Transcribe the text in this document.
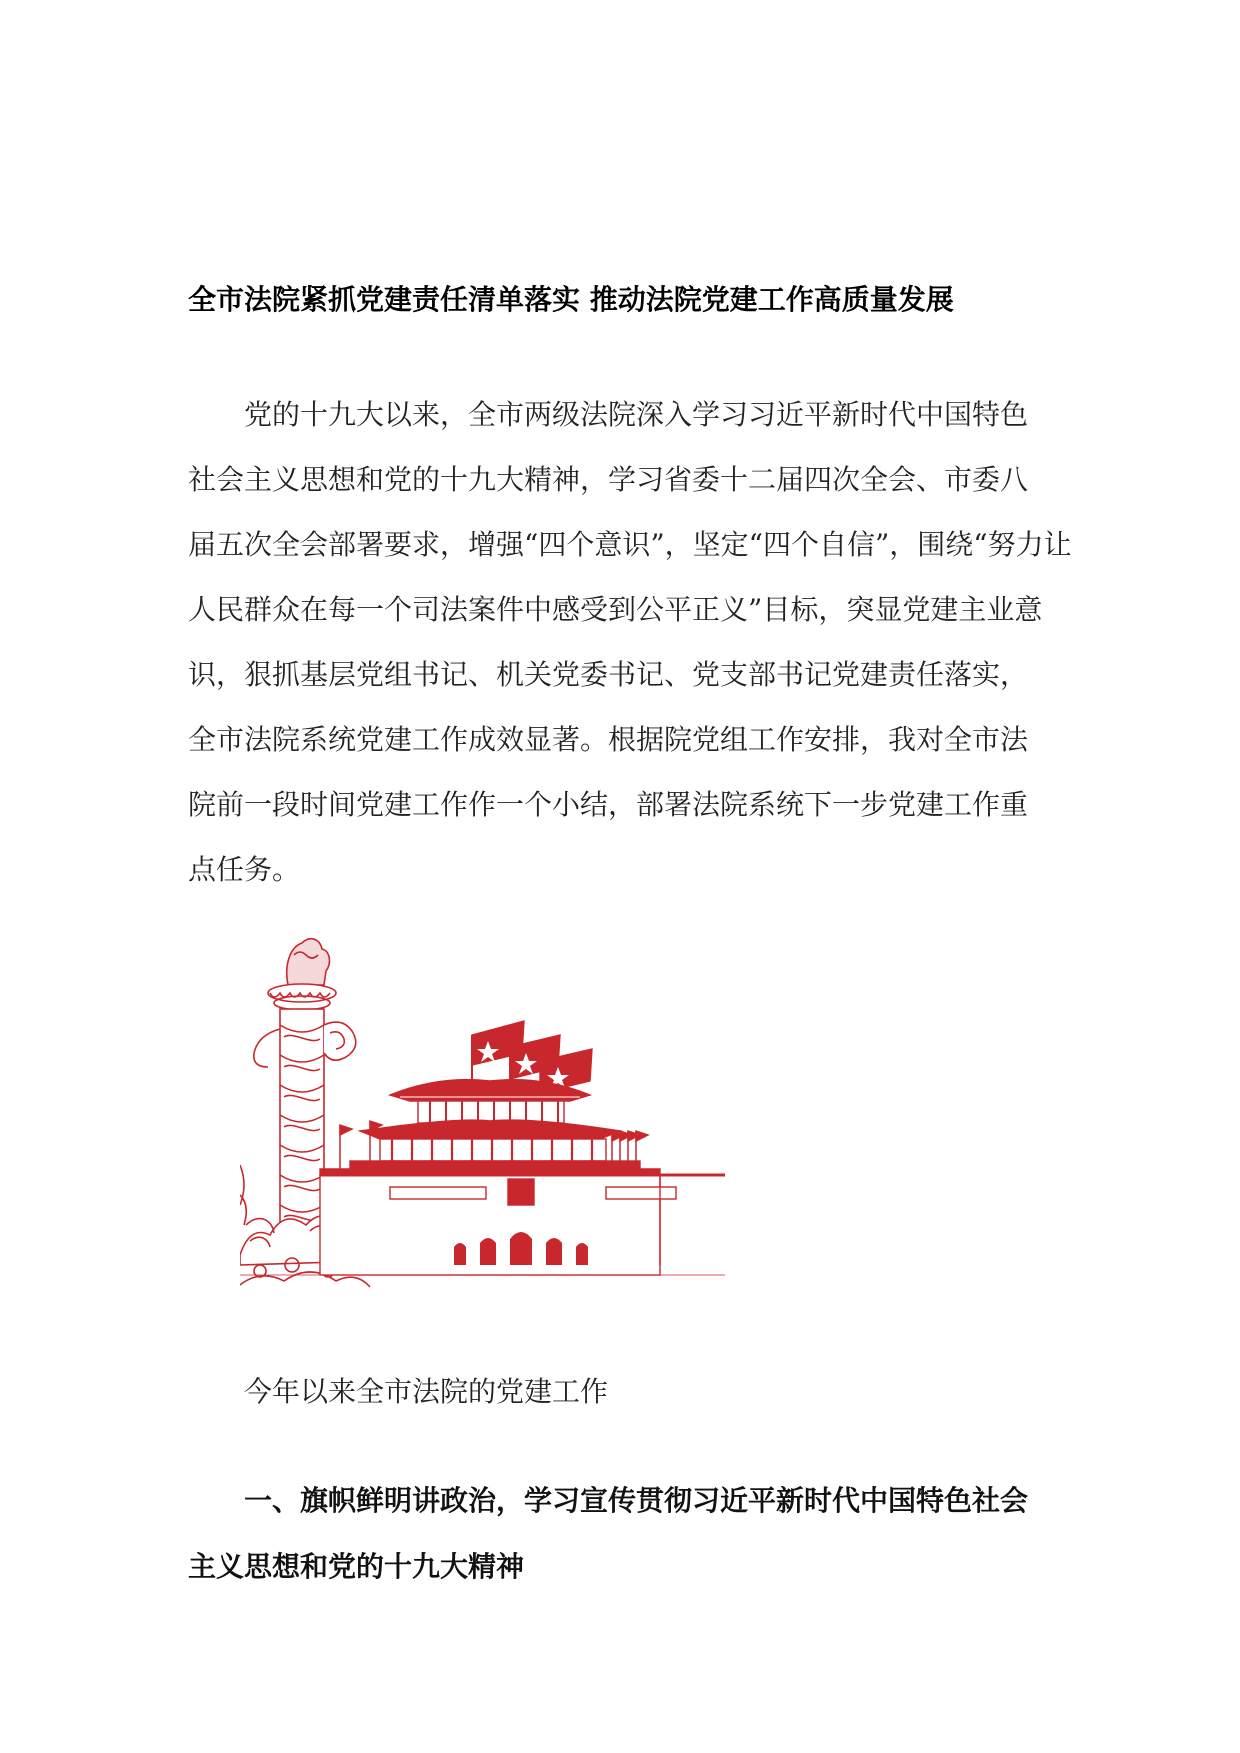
全市法院紧抓党建责任清单落实 推动法院党建工作高质量发展
党的十九大以来，全市两级法院深入学习习近平新时代中国特色
社会主义思想和党的十九大精神，学习省委十二届四次全会、市委八
届五次全会部署要求，增强“四个意识”，坚定“四个自信”，围绕“努力让
人民群众在每一个司法案件中感受到公平正义”目标，突显党建主业意
识，狠抓基层党组书记、机关党委书记、党支部书记党建责任落实，
全市法院系统党建工作成效显著。根据院党组工作安排，我对全市法
院前一段时间党建工作作一个小结，部署法院系统下一步党建工作重
点任务。
今年以来全市法院的党建工作
一、旗帜鲜明讲政治，学习宣传贯彻习近平新时代中国特色社会
主义思想和党的十九大精神
